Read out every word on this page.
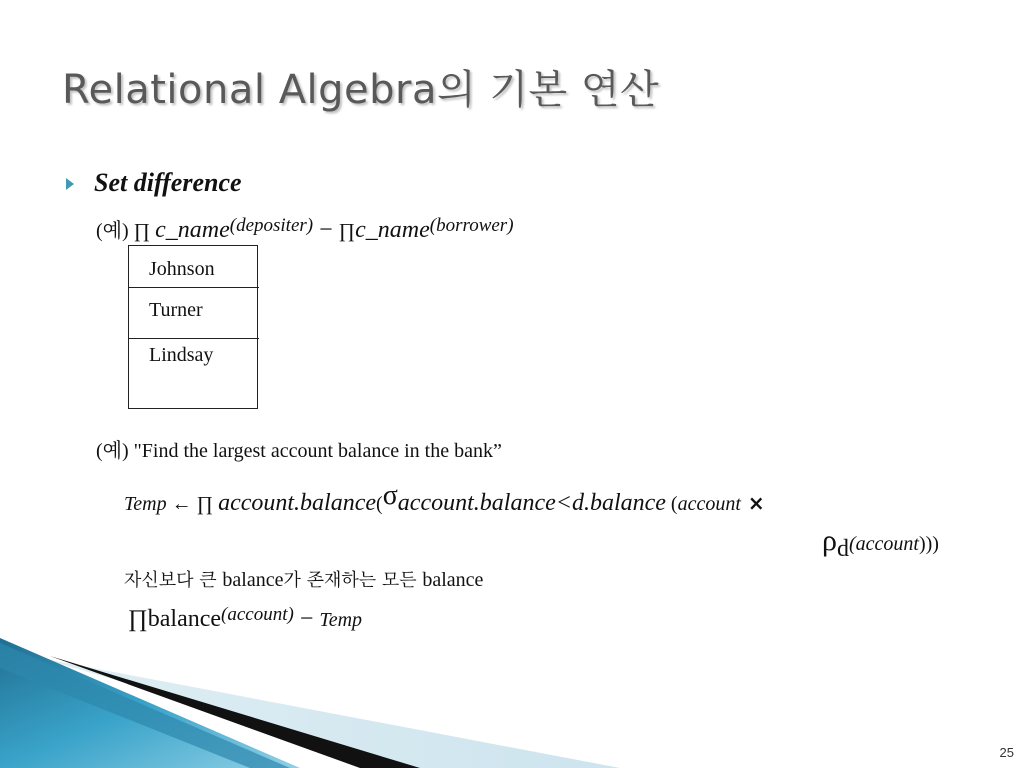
Relational Algebra의 기본 연산
Set difference
(예) ∏ c_name(depositer) − ∏c_name(borrower)
Johnson
Turner
Lindsay
(예) "Find the largest account balance in the bank”
Temp ← ∏ account.balance(σaccount.balance<d.balance (account ×
ρd(account)))
자신보다 큰 balance가 존재하는 모든 balance
∏balance(account) − Temp
25
